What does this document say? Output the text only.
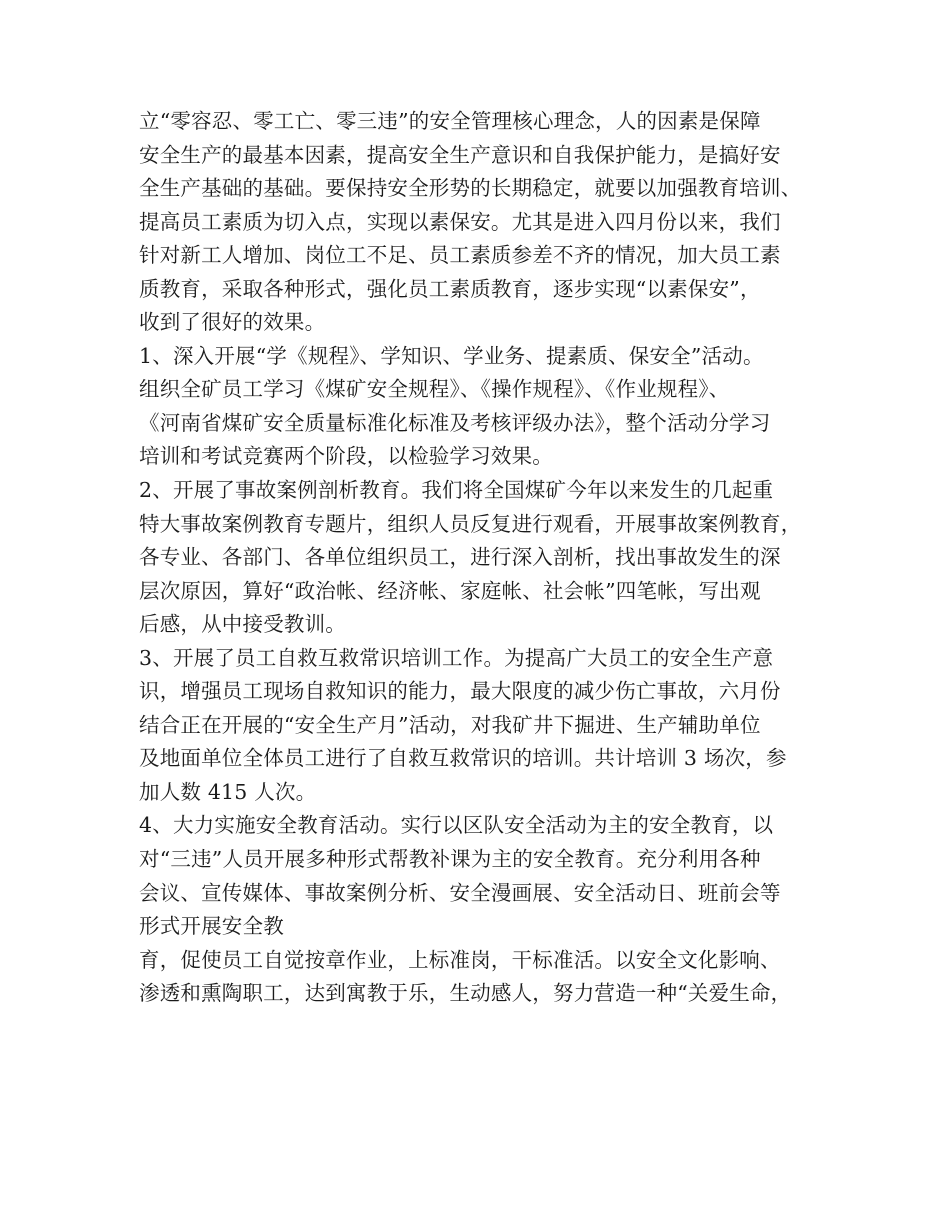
立“零容忍、零工亡、零三违”的安全管理核心理念，人的因素是保障
安全生产的最基本因素，提高安全生产意识和自我保护能力，是搞好安
全生产基础的基础。要保持安全形势的长期稳定，就要以加强教育培训、
提高员工素质为切入点，实现以素保安。尤其是进入四月份以来，我们
针对新工人增加、岗位工不足、员工素质参差不齐的情况，加大员工素
质教育，采取各种形式，强化员工素质教育，逐步实现“以素保安”，
收到了很好的效果。
1、深入开展“学《规程》、学知识、学业务、提素质、保安全”活动。
组织全矿员工学习《煤矿安全规程》、《操作规程》、《作业规程》、
《河南省煤矿安全质量标准化标准及考核评级办法》，整个活动分学习
培训和考试竞赛两个阶段，以检验学习效果。
2、开展了事故案例剖析教育。我们将全国煤矿今年以来发生的几起重
特大事故案例教育专题片，组织人员反复进行观看，开展事故案例教育，
各专业、各部门、各单位组织员工，进行深入剖析，找出事故发生的深
层次原因，算好“政治帐、经济帐、家庭帐、社会帐”四笔帐，写出观
后感，从中接受教训。
3、开展了员工自救互救常识培训工作。为提高广大员工的安全生产意
识，增强员工现场自救知识的能力，最大限度的减少伤亡事故，六月份
结合正在开展的“安全生产月”活动，对我矿井下掘进、生产辅助单位
及地面单位全体员工进行了自救互救常识的培训。共计培训 3 场次，参
加人数 415 人次。
4、大力实施安全教育活动。实行以区队安全活动为主的安全教育，以
对“三违”人员开展多种形式帮教补课为主的安全教育。充分利用各种
会议、宣传媒体、事故案例分析、安全漫画展、安全活动日、班前会等
形式开展安全教
育，促使员工自觉按章作业，上标准岗，干标准活。以安全文化影响、
渗透和熏陶职工，达到寓教于乐，生动感人，努力营造一种“关爱生命，
